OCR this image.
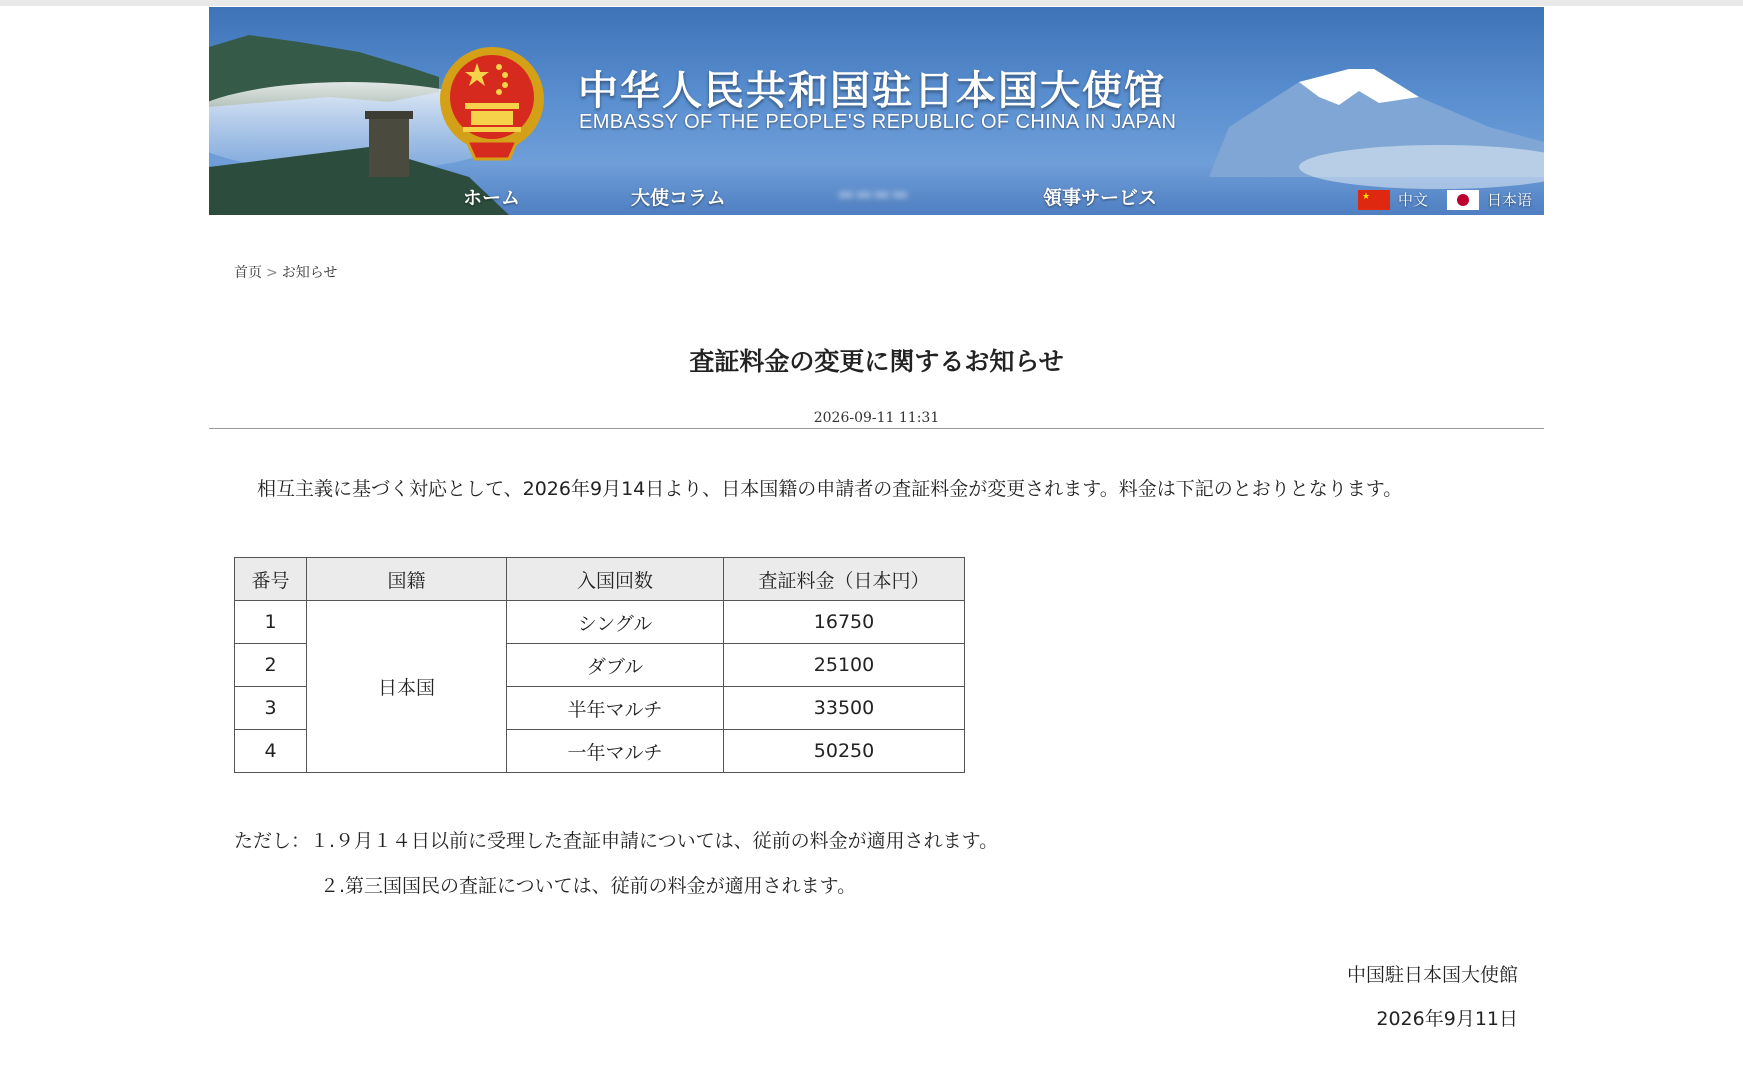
中华人民共和国驻日本国大使馆

EMBASSY OF THE PEOPLE'S REPUBLIC OF CHINA IN JAPAN

ホーム	大使コラム	▬▬▬▬	領事サービス	★ 中文	日本语
首页 > お知らせ
査証料金の変更に関するお知らせ
2026-09-11 11:31

相互主義に基づく対応として、2026年9月14日より、日本国籍の申請者の査証料金が変更されます。料金は下記のとおりとなります。

番号	国籍	入国回数	査証料金（日本円）
1	日本国	シングル	16750
2		ダブル	25100
3		半年マルチ	33500
4		一年マルチ	50250

ただし：１.９月１４日以前に受理した査証申請については、従前の料金が適用されます。

２.第三国国民の査証については、従前の料金が適用されます。

中国駐日本国大使館

2026年9月11日
